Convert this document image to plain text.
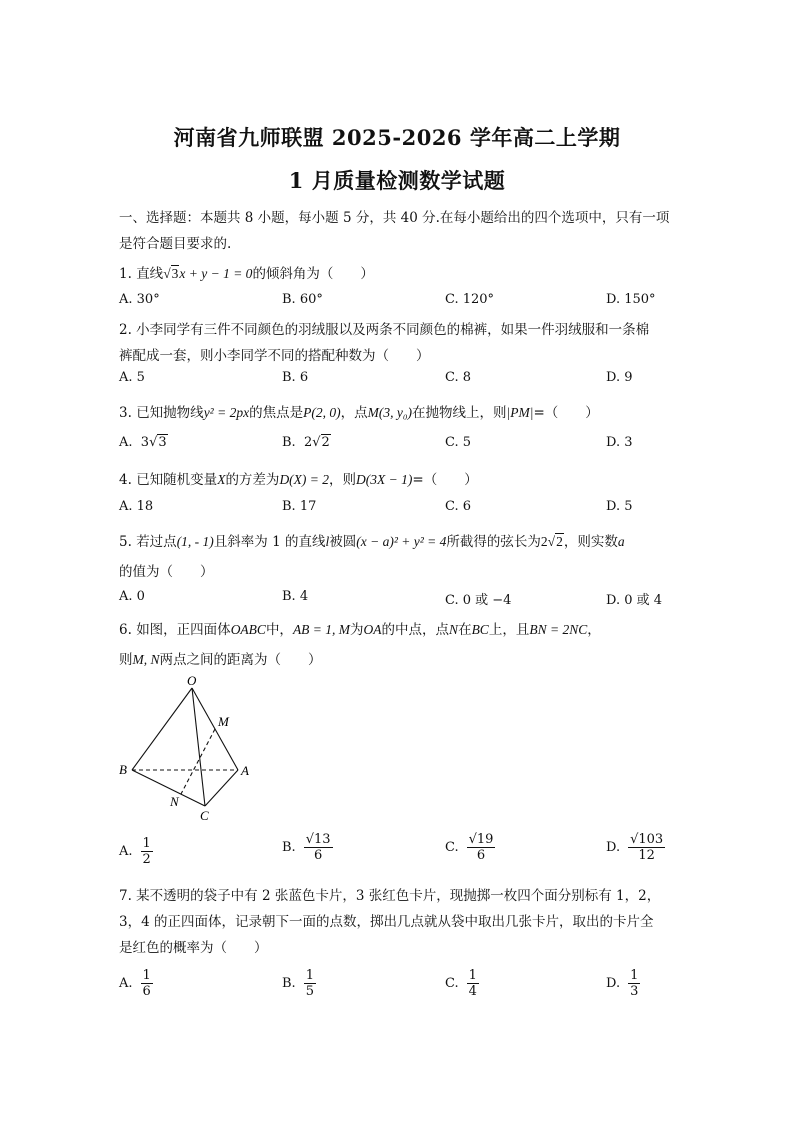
河南省九师联盟 2025-2026 学年高二上学期
1 月质量检测数学试题
一、选择题：本题共 8 小题，每小题 5 分，共 40 分.在每小题给出的四个选项中，只有一项
是符合题目要求的.
1. 直线√3x + y − 1 = 0的倾斜角为（　　）
A. 30°	B. 60°	C. 120°	D. 150°
2. 小李同学有三件不同颜色的羽绒服以及两条不同颜色的棉裤，如果一件羽绒服和一条棉
裤配成一套，则小李同学不同的搭配种数为（　　）
A. 5	B. 6	C. 8	D. 9
3. 已知抛物线y² = 2px的焦点是P(2, 0)，点M(3, y₀)在抛物线上，则|PM|=（　　）
A. 3√3	B. 2√2	C. 5	D. 3
4. 已知随机变量X的方差为D(X) = 2，则D(3X − 1)=（　　）
A. 18	B. 17	C. 6	D. 5
5. 若过点(1, - 1)且斜率为 1 的直线l被圆(x − a)² + y² = 4所截得的弦长为2√2，则实数a
的值为（　　）
A. 0	B. 4	C. 0 或 −4	D. 0 或 4
6. 如图，正四面体OABC中，AB = 1, M为OA的中点，点N在BC上，且BN = 2NC，
则M, N两点之间的距离为（　　）
O
M
B	A
N
C
A. $\frac{1}{2}$	B. $\frac{√13}{6}$	C. $\frac{√19}{6}$	D. $\frac{√103}{12}$
7. 某不透明的袋子中有 2 张蓝色卡片，3 张红色卡片，现抛掷一枚四个面分别标有 1，2，
3，4 的正四面体，记录朝下一面的点数，掷出几点就从袋中取出几张卡片，取出的卡片全
是红色的概率为（　　）
A. $\frac{1}{6}$	B. $\frac{1}{5}$	C. $\frac{1}{4}$	D. $\frac{1}{3}$
